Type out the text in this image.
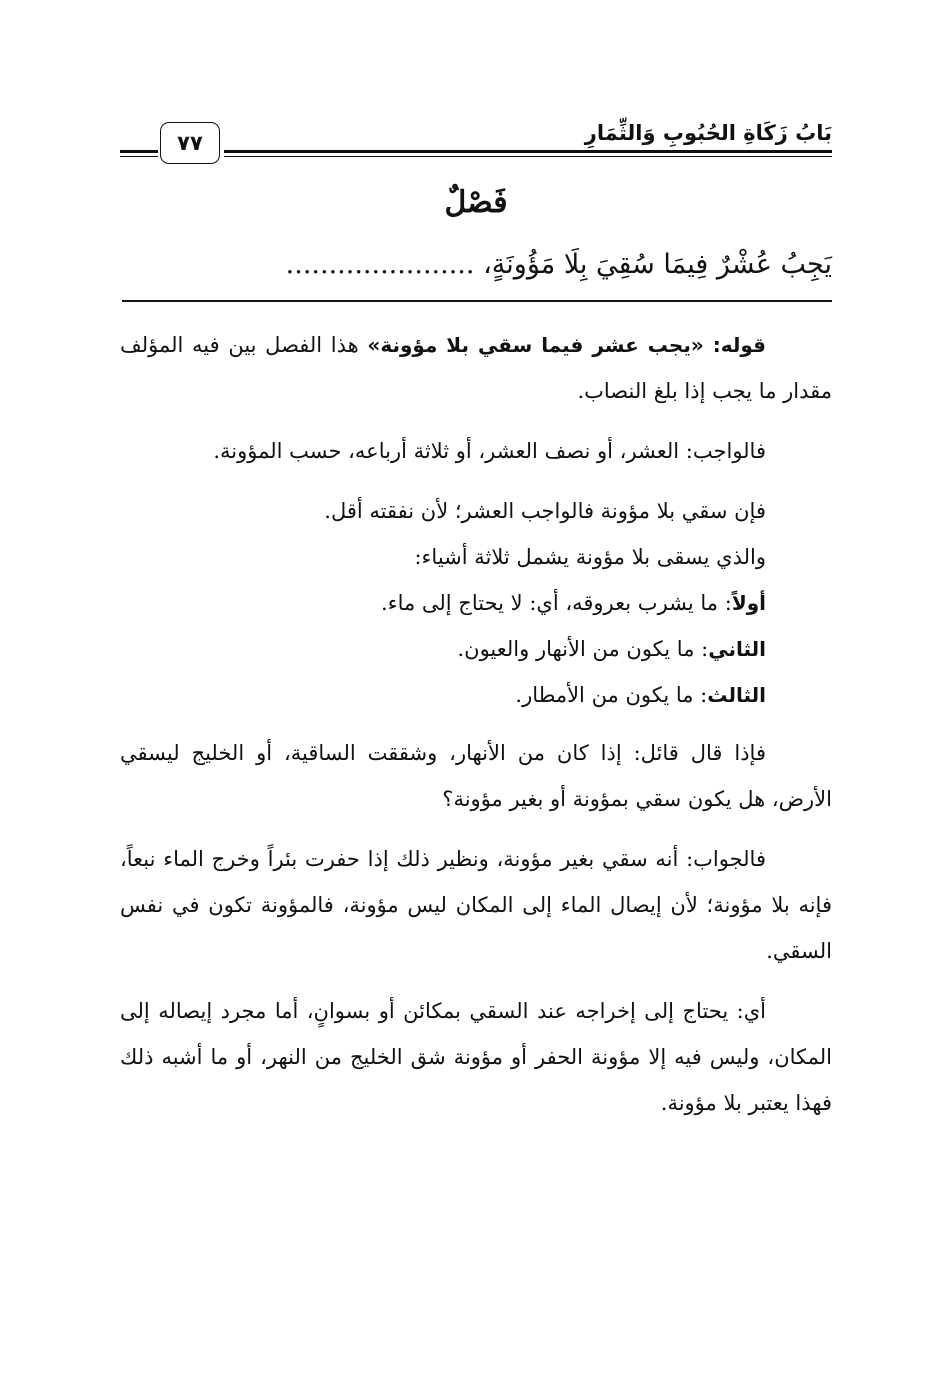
بَابُ زَكَاةِ الحُبُوبِ وَالثِّمَارِ
٧٧
فَصْلٌ
يَجِبُ عُشْرٌ فِيمَا سُقِيَ بِلَا مَؤُونَةٍ، ......................

قوله: «يجب عشر فيما سقي بلا مؤونة» هذا الفصل بين فيه المؤلف مقدار ما يجب إذا بلغ النصاب.

فالواجب: العشر، أو نصف العشر، أو ثلاثة أرباعه، حسب المؤونة.

فإن سقي بلا مؤونة فالواجب العشر؛ لأن نفقته أقل.

والذي يسقى بلا مؤونة يشمل ثلاثة أشياء:

أولاً: ما يشرب بعروقه، أي: لا يحتاج إلى ماء.

الثاني: ما يكون من الأنهار والعيون.

الثالث: ما يكون من الأمطار.

فإذا قال قائل: إذا كان من الأنهار، وشققت الساقية، أو الخليج ليسقي الأرض، هل يكون سقي بمؤونة أو بغير مؤونة؟

فالجواب: أنه سقي بغير مؤونة، ونظير ذلك إذا حفرت بئراً وخرج الماء نبعاً، فإنه بلا مؤونة؛ لأن إيصال الماء إلى المكان ليس مؤونة، فالمؤونة تكون في نفس السقي.

أي: يحتاج إلى إخراجه عند السقي بمكائن أو بسوانٍ، أما مجرد إيصاله إلى المكان، وليس فيه إلا مؤونة الحفر أو مؤونة شق الخليج من النهر، أو ما أشبه ذلك فهذا يعتبر بلا مؤونة.
